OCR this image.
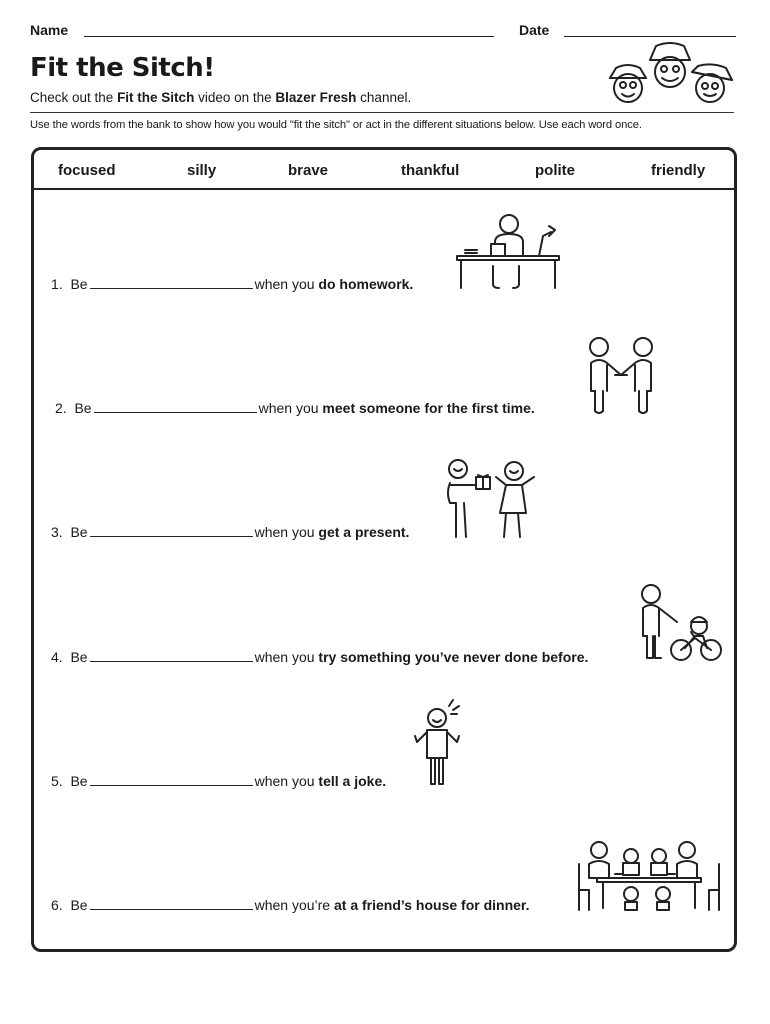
Name	Date
Fit the Sitch!
Check out the Fit the Sitch video on the Blazer Fresh channel.
Use the words from the bank to show how you would "fit the sitch" or act in the different situations below. Use each word once.
focused	silly	brave	thankful	polite	friendly
1. Be	when you do homework.
2. Be	when you meet someone for the first time.
3. Be	when you get a present.
4. Be	when you try something you’ve never done before.
5. Be	when you tell a joke.
6. Be	when you’re at a friend’s house for dinner.
